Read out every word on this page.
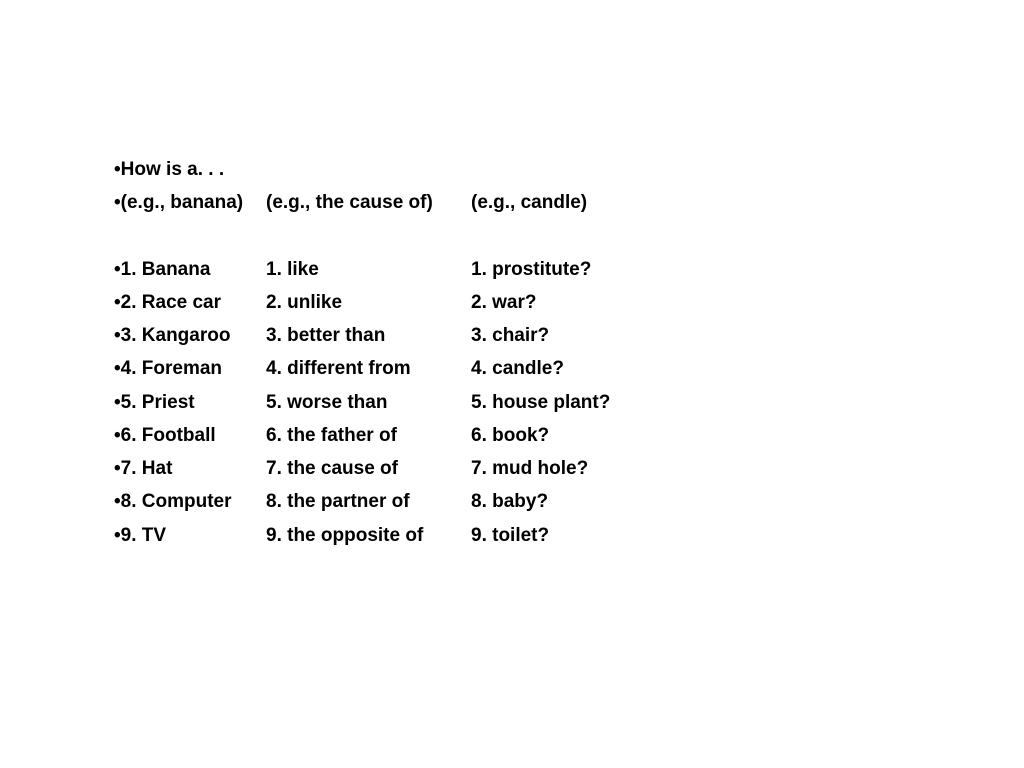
•How is a. . .
•(e.g., banana) (e.g., the cause of) (e.g., candle)
•1. Banana	1. like	1. prostitute?
•2. Race car 2. unlike	2. war?
•3. Kangaroo 3. better than	3. chair?
•4. Foreman 4. different from	4. candle?
•5. Priest	5. worse than	5. house plant?
•6. Football	6. the father of	6. book?
•7. Hat	7. the cause of	7. mud hole?
•8. Computer 8. the partner of	8. baby?
•9. TV	9. the opposite of	9. toilet?
